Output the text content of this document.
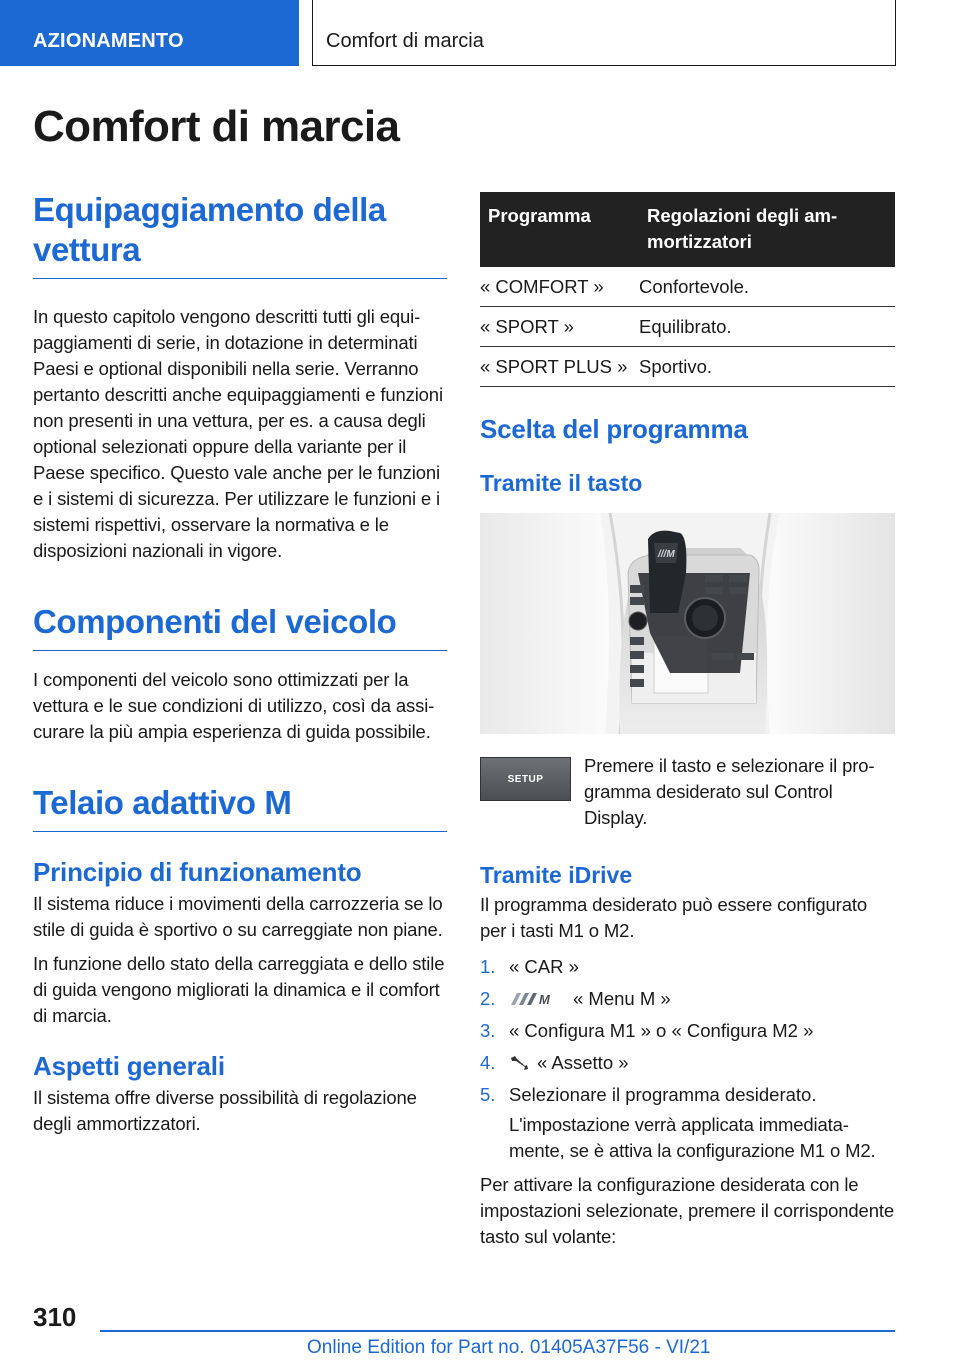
AZIONAMENTO	Comfort di marcia
Comfort di marcia
Equipaggiamento della vettura

In questo capitolo vengono descritti tutti gli equipaggiamenti di serie, in dotazione in determinati Paesi e optional disponibili nella serie. Verranno pertanto descritti anche equipaggiamenti e funzioni non presenti in una vettura, per es. a causa degli optional selezionati oppure della variante per il Paese specifico. Questo vale anche per le funzioni e i sistemi di sicurezza. Per utilizzare le funzioni e i sistemi rispettivi, osservare la normativa e le disposizioni nazionali in vigore.

Componenti del veicolo

I componenti del veicolo sono ottimizzati per la vettura e le sue condizioni di utilizzo, così da assicurare la più ampia esperienza di guida possibile.

Telaio adattivo M
Principio di funzionamento

Il sistema riduce i movimenti della carrozzeria se lo stile di guida è sportivo o su carreggiate non piane.

In funzione dello stato della carreggiata e dello stile di guida vengono migliorati la dinamica e il comfort di marcia.

Aspetti generali

Il sistema offre diverse possibilità di regolazione degli ammortizzatori.

Programma	Regolazioni degli ammortizzatori
« COMFORT »	Confortevole.
« SPORT »	Equilibrato.
« SPORT PLUS »	Sportivo.
Scelta del programma
Tramite il tasto
///M
SETUP

Premere il tasto e selezionare il programma desiderato sul Control Display.

Tramite iDrive

Il programma desiderato può essere configurato per i tasti M1 o M2.

1. « CAR »
2.	M « Menu M »
3. « Configura M1 » o « Configura M2 »
4.	« Assetto »
5. Selezionare il programma desiderato.

L'impostazione verrà applicata immediatamente, se è attiva la configurazione M1 o M2.

Per attivare la configurazione desiderata con le impostazioni selezionate, premere il corrispondente tasto sul volante:

310
Online Edition for Part no. 01405A37F56 - VI/21
